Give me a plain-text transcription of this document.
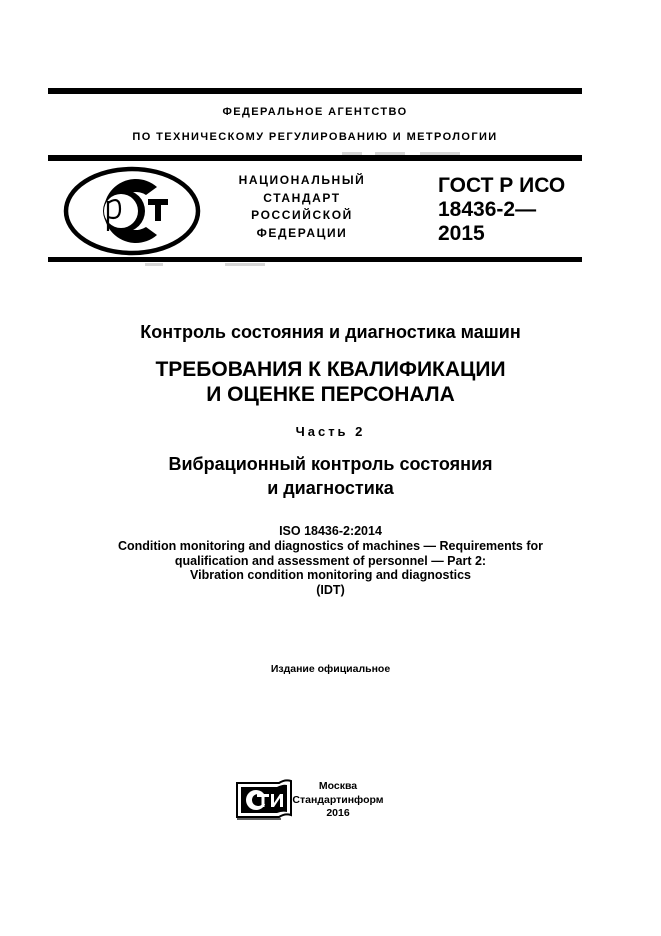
ФЕДЕРАЛЬНОЕ АГЕНТСТВО
ПО ТЕХНИЧЕСКОМУ РЕГУЛИРОВАНИЮ И МЕТРОЛОГИИ
НАЦИОНАЛЬНЫЙ
СТАНДАРТ
РОССИЙСКОЙ
ФЕДЕРАЦИИ
ГОСТ Р ИСО
18436-2—
2015
Контроль состояния и диагностика машин
ТРЕБОВАНИЯ К КВАЛИФИКАЦИИ
И ОЦЕНКЕ ПЕРСОНАЛА
Часть 2
Вибрационный контроль состояния
и диагностика
ISO 18436-2:2014
Condition monitoring and diagnostics of machines — Requirements for
qualification and assessment of personnel — Part 2:
Vibration condition monitoring and diagnostics
(IDT)
Издание официальное
Москва
Стандартинформ
2016
